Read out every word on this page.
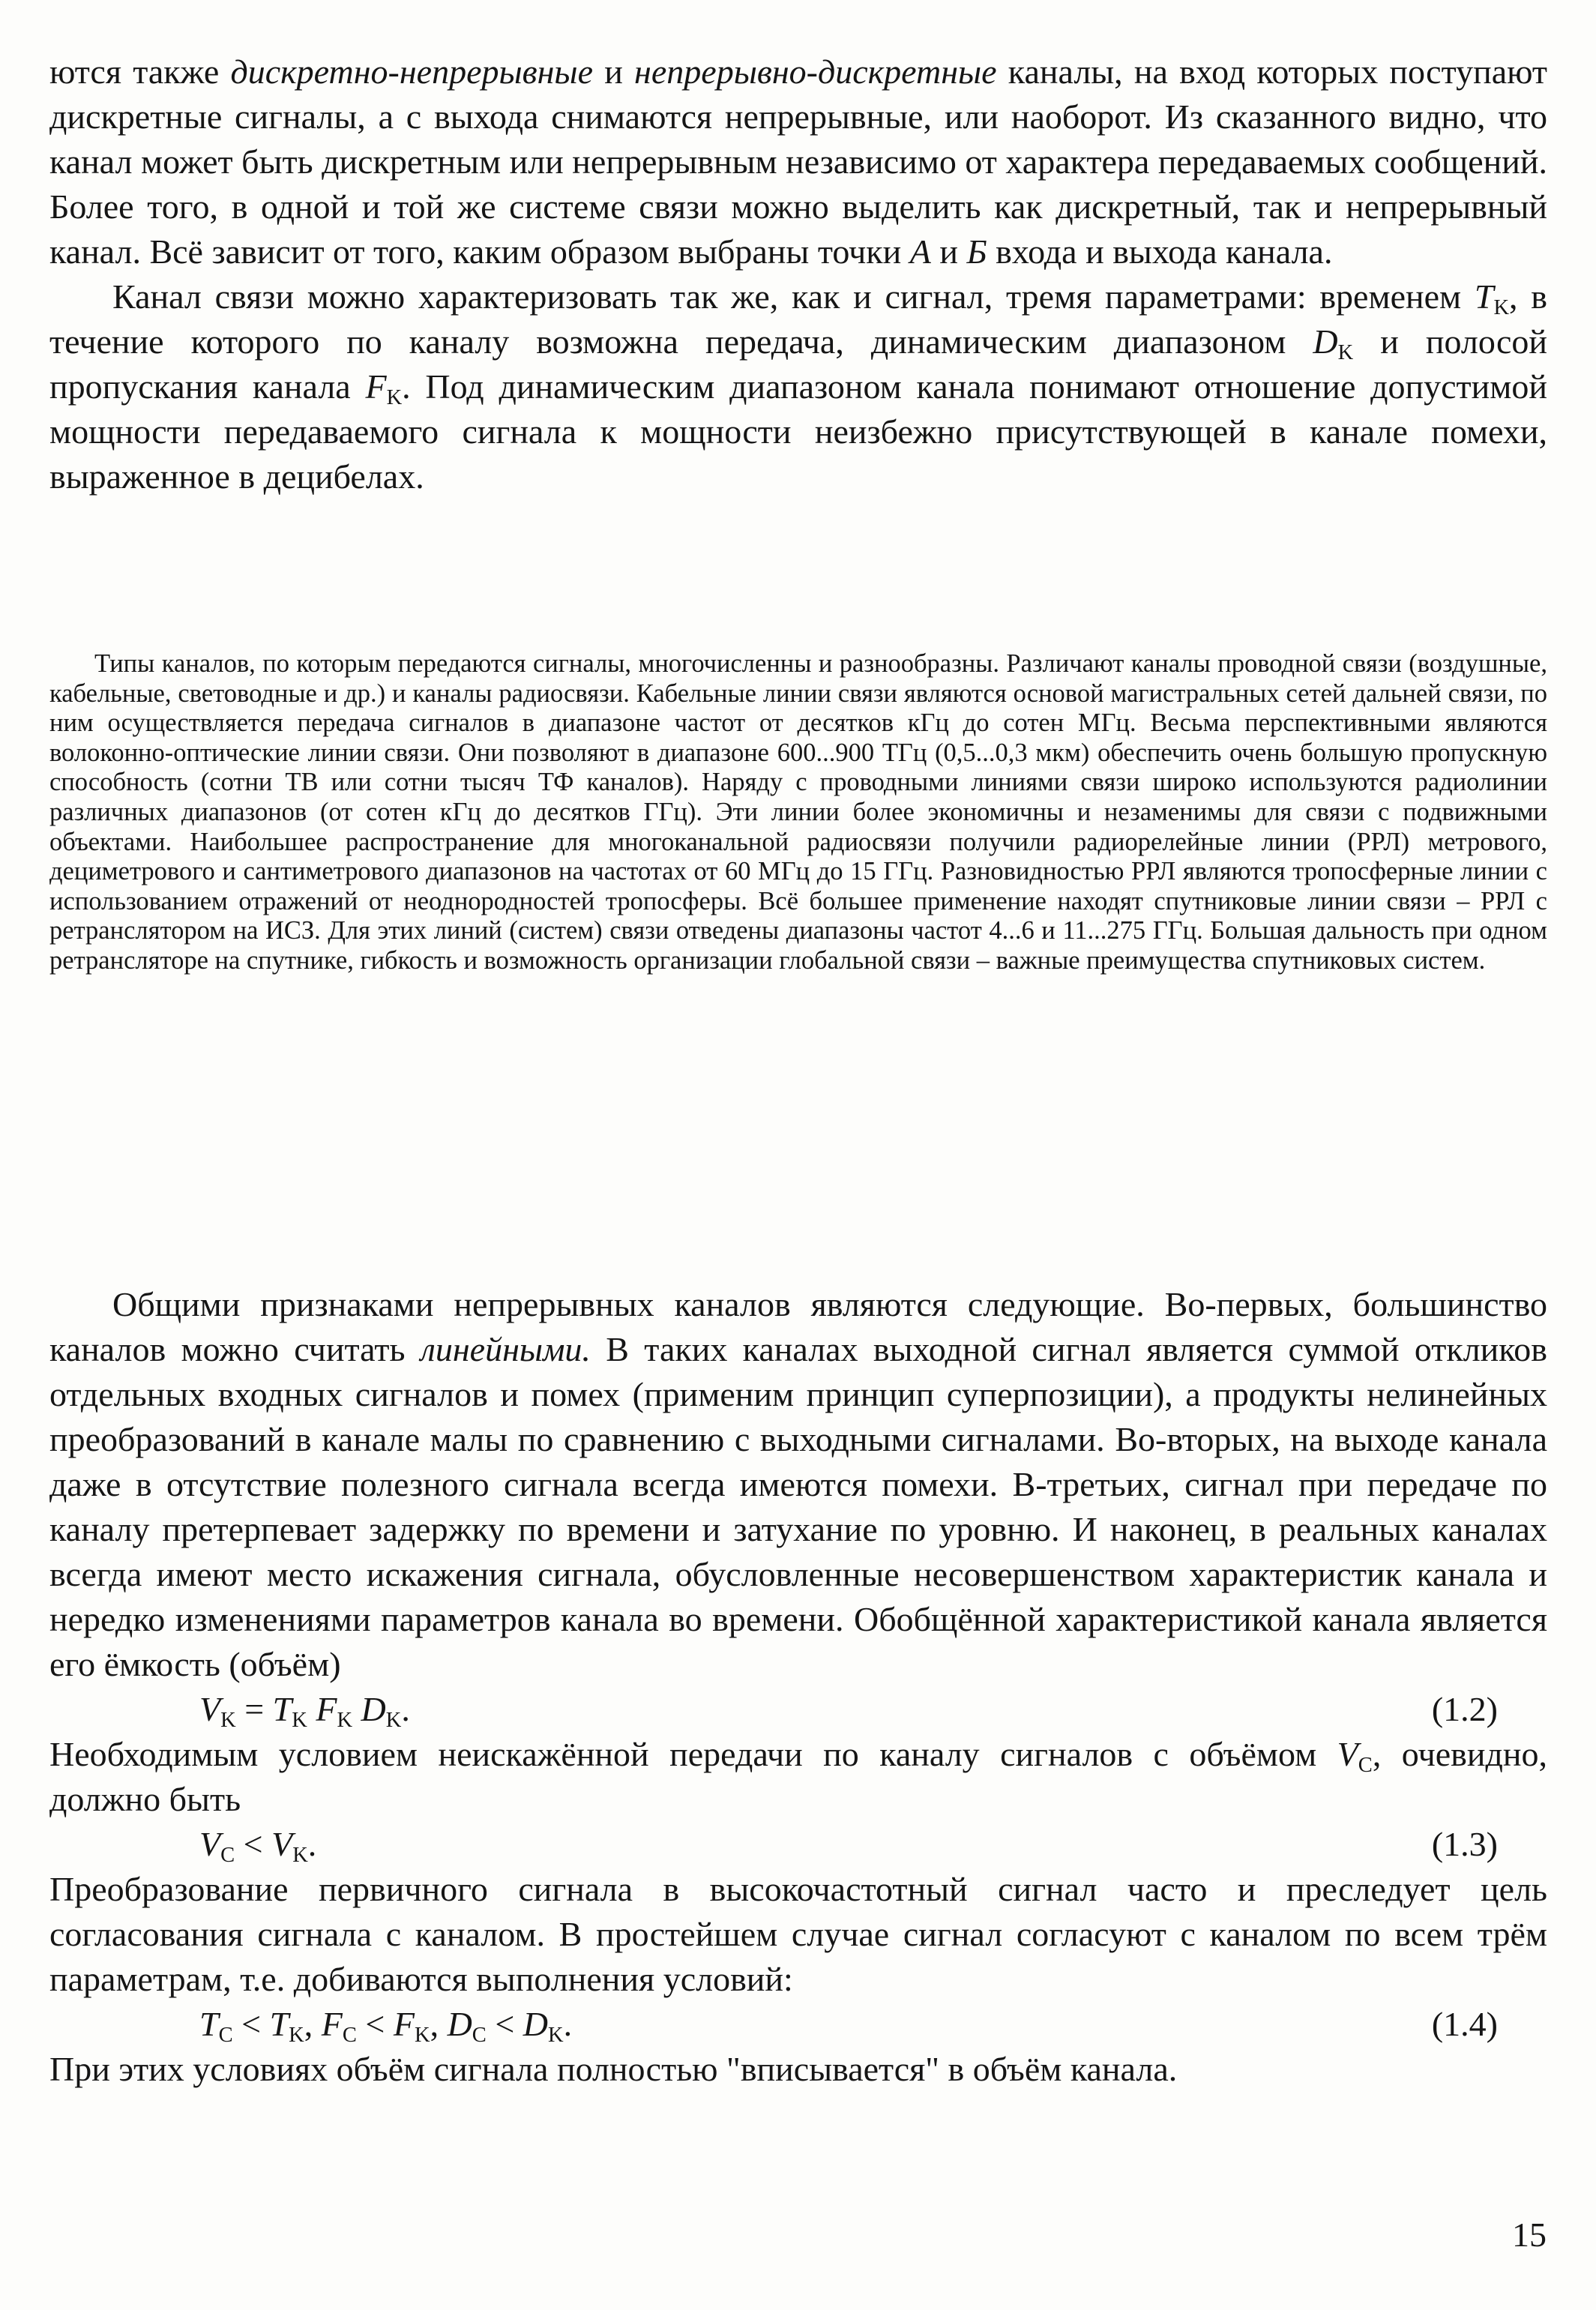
ются также дискретно-непрерывные и непрерывно-дискретные каналы, на вход которых поступают дискретные сигналы, а с выхода снимаются непрерывные, или наоборот. Из сказанного видно, что канал может быть дискретным или непрерывным независимо от характера передаваемых сообщений. Более того, в одной и той же системе связи можно выделить как дискретный, так и непрерывный канал. Всё зависит от того, каким образом выбраны точки А и Б входа и выхода канала.

Канал связи можно характеризовать так же, как и сигнал, тремя параметрами: временем $T_K$, в течение которого по каналу возможна передача, динамическим диапазоном $D_K$ и полосой пропускания канала $F_K$. Под динамическим диапазоном канала понимают отношение допустимой мощности передаваемого сигнала к мощности неизбежно присутствующей в канале помехи, выраженное в децибелах.

Типы каналов, по которым передаются сигналы, многочисленны и разнообразны. Различают каналы проводной связи (воздушные, кабельные, световодные и др.) и каналы радиосвязи. Кабельные линии связи являются основой магистральных сетей дальней связи, по ним осуществляется передача сигналов в диапазоне частот от десятков кГц до сотен МГц. Весьма перспективными являются волоконно-оптические линии связи. Они позволяют в диапазоне 600...900 ТГц (0,5...0,3 мкм) обеспечить очень большую пропускную способность (сотни ТВ или сотни тысяч ТФ каналов). Наряду с проводными линиями связи широко используются радиолинии различных диапазонов (от сотен кГц до десятков ГГц). Эти линии более экономичны и незаменимы для связи с подвижными объектами. Наибольшее распространение для многоканальной радиосвязи получили радиорелейные линии (РРЛ) метрового, дециметрового и сантиметрового диапазонов на частотах от 60 МГц до 15 ГГц. Разновидностью РРЛ являются тропосферные линии с использованием отражений от неоднородностей тропосферы. Всё большее применение находят спутниковые линии связи – РРЛ с ретранслятором на ИСЗ. Для этих линий (систем) связи отведены диапазоны частот 4...6 и 11...275 ГГц. Большая дальность при одном ретрансляторе на спутнике, гибкость и возможность организации глобальной связи – важные преимущества спутниковых систем.

Общими признаками непрерывных каналов являются следующие. Во-первых, большинство каналов можно считать линейными. В таких каналах выходной сигнал является суммой откликов отдельных входных сигналов и помех (применим принцип суперпозиции), а продукты нелинейных преобразований в канале малы по сравнению с выходными сигналами. Во-вторых, на выходе канала даже в отсутствие полезного сигнала всегда имеются помехи. В-третьих, сигнал при передаче по каналу претерпевает задержку по времени и затухание по уровню. И наконец, в реальных каналах всегда имеют место искажения сигнала, обусловленные несовершенством характеристик канала и нередко изменениями параметров канала во времени. Обобщённой характеристикой канала является его ёмкость (объём)

$V_K = T_K$ $F_K$ $D_K$.	(1.2)

Необходимым условием неискажённой передачи по каналу сигналов с объёмом $V_C$, очевидно, должно быть

$V_C < V_K$.	(1.3)

Преобразование первичного сигнала в высокочастотный сигнал часто и преследует цель согласования сигнала с каналом. В простейшем случае сигнал согласуют с каналом по всем трём параметрам, т.е. добиваются выполнения условий:

$T_C < T_K$, $F_C < F_K$, $D_C < D_K$.	(1.4)

При этих условиях объём сигнала полностью "вписывается" в объём канала.

15
